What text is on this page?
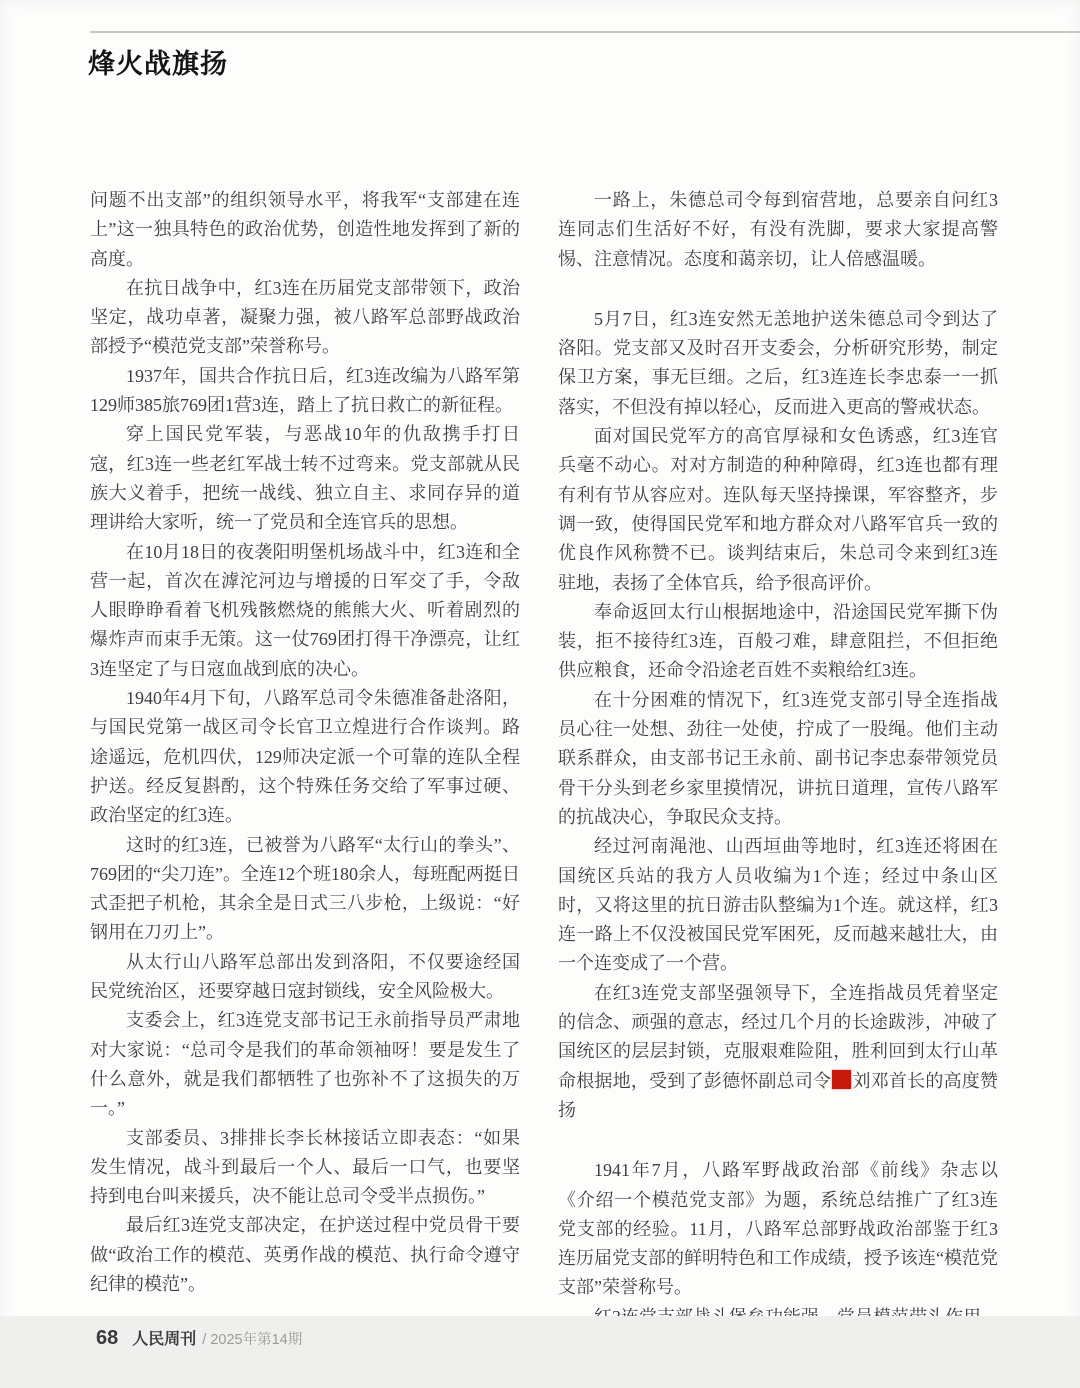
烽火战旗扬

问题不出支部”的组织领导水平，将我军“支部建在连上”这一独具特色的政治优势，创造性地发挥到了新的高度。

在抗日战争中，红3连在历届党支部带领下，政治坚定，战功卓著，凝聚力强，被八路军总部野战政治部授予“模范党支部”荣誉称号。

1937年，国共合作抗日后，红3连改编为八路军第129师385旅769团1营3连，踏上了抗日救亡的新征程。

穿上国民党军装，与恶战10年的仇敌携手打日寇，红3连一些老红军战士转不过弯来。党支部就从民族大义着手，把统一战线、独立自主、求同存异的道理讲给大家听，统一了党员和全连官兵的思想。

在10月18日的夜袭阳明堡机场战斗中，红3连和全营一起，首次在滹沱河边与增援的日军交了手，令敌人眼睁睁看着飞机残骸燃烧的熊熊大火、听着剧烈的爆炸声而束手无策。这一仗769团打得干净漂亮，让红3连坚定了与日寇血战到底的决心。

1940年4月下旬，八路军总司令朱德准备赴洛阳，与国民党第一战区司令长官卫立煌进行合作谈判。路途遥远，危机四伏，129师决定派一个可靠的连队全程护送。经反复斟酌，这个特殊任务交给了军事过硬、政治坚定的红3连。

这时的红3连，已被誉为八路军“太行山的拳头”、769团的“尖刀连”。全连12个班180余人，每班配两挺日式歪把子机枪，其余全是日式三八步枪，上级说：“好钢用在刀刃上”。

从太行山八路军总部出发到洛阳，不仅要途经国民党统治区，还要穿越日寇封锁线，安全风险极大。

支委会上，红3连党支部书记王永前指导员严肃地对大家说：“总司令是我们的革命领袖呀！要是发生了什么意外，就是我们都牺牲了也弥补不了这损失的万一。”

支部委员、3排排长李长林接话立即表态：“如果发生情况，战斗到最后一个人、最后一口气，也要坚持到电台叫来援兵，决不能让总司令受半点损伤。”

最后红3连党支部决定，在护送过程中党员骨干要做“政治工作的模范、英勇作战的模范、执行命令遵守纪律的模范”。

一路上，朱德总司令每到宿营地，总要亲自问红3连同志们生活好不好，有没有洗脚，要求大家提高警惕、注意情况。态度和蔼亲切，让人倍感温暖。

5月7日，红3连安然无恙地护送朱德总司令到达了洛阳。党支部又及时召开支委会，分析研究形势，制定保卫方案，事无巨细。之后，红3连连长李忠泰一一抓落实，不但没有掉以轻心，反而进入更高的警戒状态。

面对国民党军方的高官厚禄和女色诱惑，红3连官兵毫不动心。对对方制造的种种障碍，红3连也都有理有利有节从容应对。连队每天坚持操课，军容整齐，步调一致，使得国民党军和地方群众对八路军官兵一致的优良作风称赞不已。谈判结束后，朱总司令来到红3连驻地，表扬了全体官兵，给予很高评价。

奉命返回太行山根据地途中，沿途国民党军撕下伪装，拒不接待红3连，百般刁难，肆意阻拦，不但拒绝供应粮食，还命令沿途老百姓不卖粮给红3连。

在十分困难的情况下，红3连党支部引导全连指战员心往一处想、劲往一处使，拧成了一股绳。他们主动联系群众，由支部书记王永前、副书记李忠泰带领党员骨干分头到老乡家里摸情况，讲抗日道理，宣传八路军的抗战决心，争取民众支持。

经过河南渑池、山西垣曲等地时，红3连还将困在国统区兵站的我方人员收编为1个连；经过中条山区时，又将这里的抗日游击队整编为1个连。就这样，红3连一路上不仅没被国民党军困死，反而越来越壮大，由一个连变成了一个营。

在红3连党支部坚强领导下，全连指战员凭着坚定的信念、顽强的意志，经过几个月的长途跋涉，冲破了国统区的层层封锁，克服艰难险阻，胜利回到太行山革命根据地，受到了彭德怀副总司令 刘邓首长的高度赞扬

1941年7月，八路军野战政治部《前线》杂志以《介绍一个模范党支部》为题，系统总结推广了红3连党支部的经验。11月，八路军总部野战政治部鉴于红3连历届党支部的鲜明特色和工作成绩，授予该连“模范党支部”荣誉称号。

68 人民周刊 / 2025年第14期
